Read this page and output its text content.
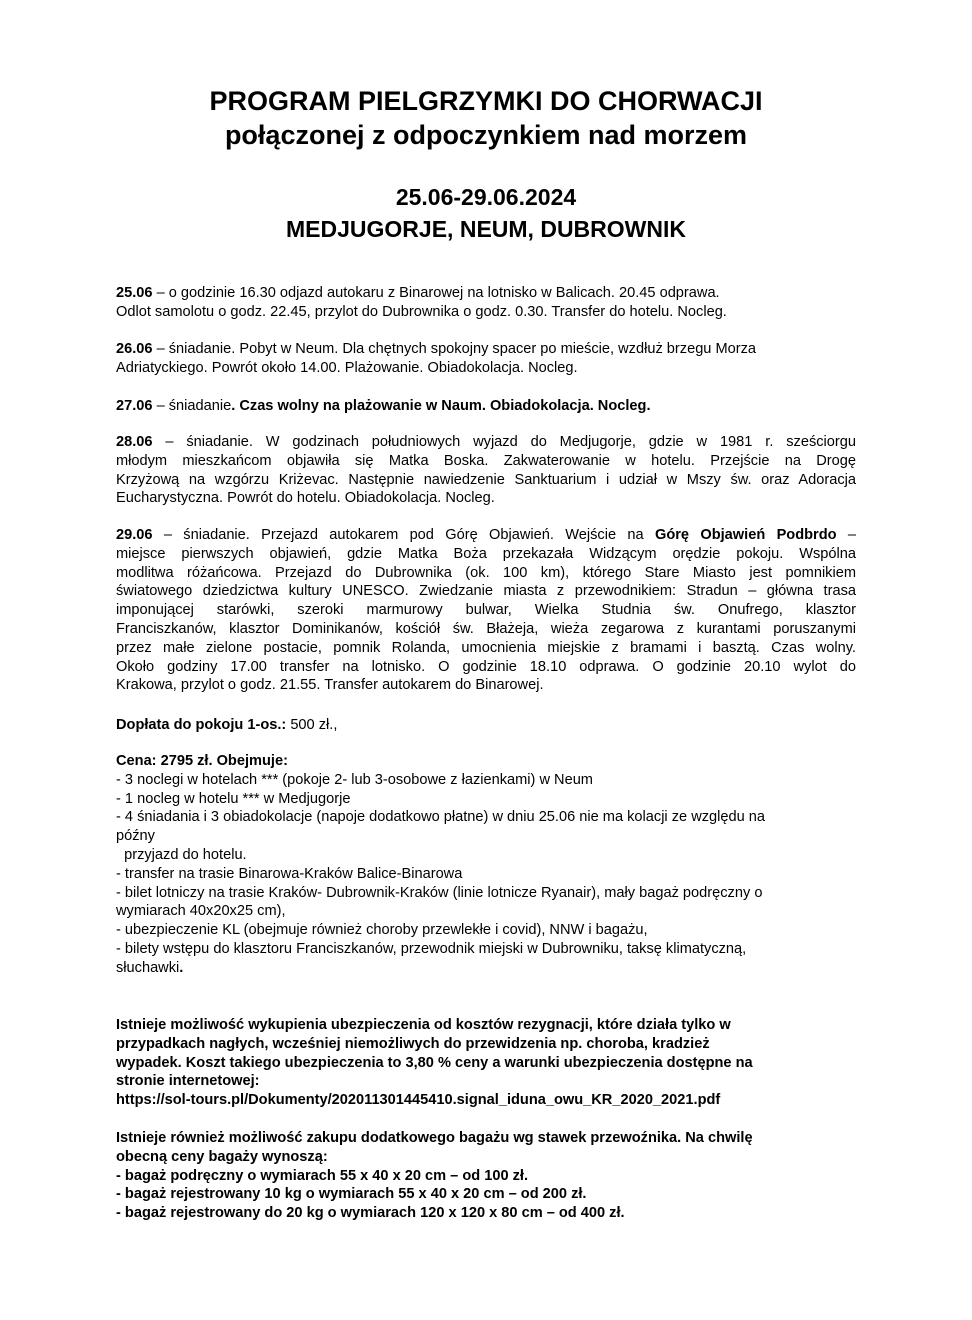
PROGRAM PIELGRZYMKI DO CHORWACJI
połączonej z odpoczynkiem nad morzem
25.06-29.06.2024
MEDJUGORJE, NEUM, DUBROWNIK
25.06 – o godzinie 16.30 odjazd autokaru z Binarowej na lotnisko w Balicach. 20.45 odprawa.
Odlot samolotu o godz. 22.45, przylot do Dubrownika o godz. 0.30. Transfer do hotelu. Nocleg.
26.06 – śniadanie. Pobyt w Neum. Dla chętnych spokojny spacer po mieście, wzdłuż brzegu Morza
Adriatyckiego. Powrót około 14.00. Plażowanie. Obiadokolacja. Nocleg.
27.06 – śniadanie. Czas wolny na plażowanie w Naum. Obiadokolacja. Nocleg.
28.06 – śniadanie. W godzinach południowych wyjazd do Medjugorje, gdzie w 1981 r. sześciorgu
młodym mieszkańcom objawiła się Matka Boska. Zakwaterowanie w hotelu. Przejście na Drogę
Krzyżową na wzgórzu Kriżevac. Następnie nawiedzenie Sanktuarium i udział w Mszy św. oraz Adoracja
Eucharystyczna. Powrót do hotelu. Obiadokolacja. Nocleg.
29.06 – śniadanie. Przejazd autokarem pod Górę Objawień. Wejście na Górę Objawień Podbrdo –
miejsce pierwszych objawień, gdzie Matka Boża przekazała Widzącym orędzie pokoju. Wspólna
modlitwa różańcowa. Przejazd do Dubrownika (ok. 100 km), którego Stare Miasto jest pomnikiem
światowego dziedzictwa kultury UNESCO. Zwiedzanie miasta z przewodnikiem: Stradun – główna trasa
imponującej starówki, szeroki marmurowy bulwar, Wielka Studnia św. Onufrego, klasztor
Franciszkanów, klasztor Dominikanów, kościół św. Błażeja, wieża zegarowa z kurantami poruszanymi
przez małe zielone postacie, pomnik Rolanda, umocnienia miejskie z bramami i basztą. Czas wolny.
Około godziny 17.00 transfer na lotnisko. O godzinie 18.10 odprawa. O godzinie 20.10 wylot do
Krakowa, przylot o godz. 21.55. Transfer autokarem do Binarowej.
Dopłata do pokoju 1-os.: 500 zł.,
Cena: 2795 zł. Obejmuje:
- 3 noclegi w hotelach *** (pokoje 2- lub 3-osobowe z łazienkami) w Neum
- 1 nocleg w hotelu *** w Medjugorje
- 4 śniadania i 3 obiadokolacje (napoje dodatkowo płatne) w dniu 25.06 nie ma kolacji ze względu na
późny
przyjazd do hotelu.
- transfer na trasie Binarowa-Kraków Balice-Binarowa
- bilet lotniczy na trasie Kraków- Dubrownik-Kraków (linie lotnicze Ryanair), mały bagaż podręczny o
wymiarach 40x20x25 cm),
- ubezpieczenie KL (obejmuje również choroby przewlekłe i covid), NNW i bagażu,
- bilety wstępu do klasztoru Franciszkanów, przewodnik miejski w Dubrowniku, taksę klimatyczną,
słuchawki.
Istnieje możliwość wykupienia ubezpieczenia od kosztów rezygnacji, które działa tylko w
przypadkach nagłych, wcześniej niemożliwych do przewidzenia np. choroba, kradzież
wypadek. Koszt takiego ubezpieczenia to 3,80 % ceny a warunki ubezpieczenia dostępne na
stronie internetowej:
https://sol-tours.pl/Dokumenty/202011301445410.signal_iduna_owu_KR_2020_2021.pdf
Istnieje również możliwość zakupu dodatkowego bagażu wg stawek przewoźnika. Na chwilę
obecną ceny bagaży wynoszą:
- bagaż podręczny o wymiarach 55 x 40 x 20 cm – od 100 zł.
- bagaż rejestrowany 10 kg o wymiarach 55 x 40 x 20 cm – od 200 zł.
- bagaż rejestrowany do 20 kg o wymiarach 120 x 120 x 80 cm – od 400 zł.
